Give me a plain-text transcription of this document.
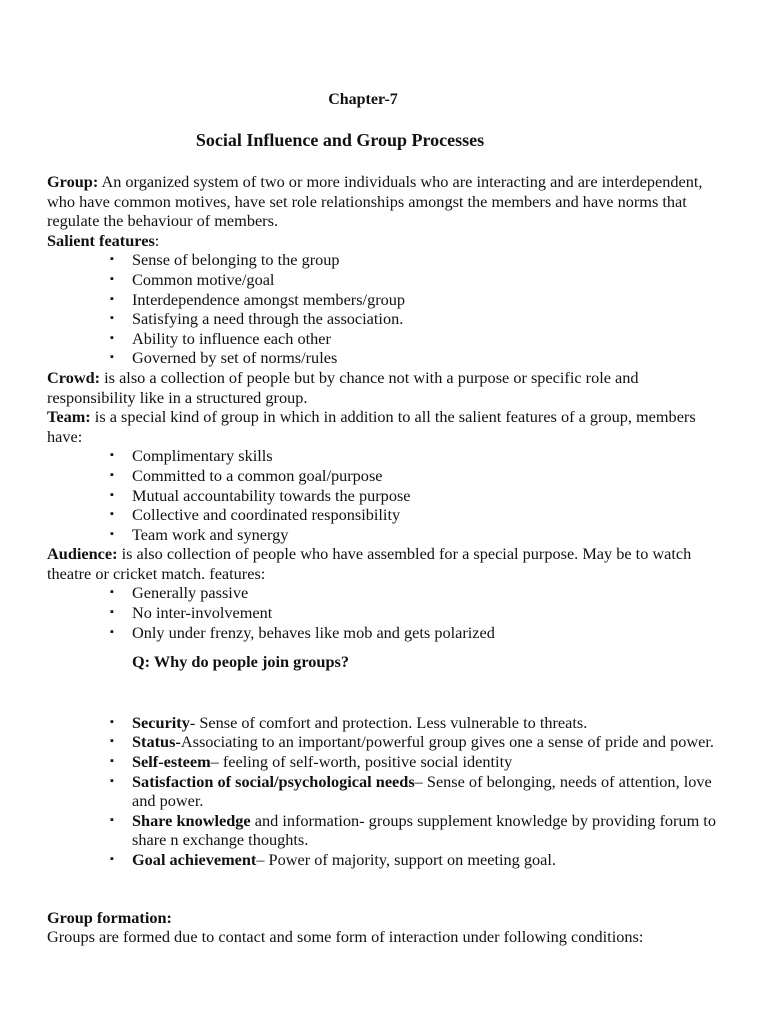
Chapter-7
Social Influence and Group Processes

Group: An organized system of two or more individuals who are interacting and are interdependent, who have common motives, have set role relationships amongst the members and have norms that regulate the behaviour of members.

Salient features:

▪ Sense of belonging to the group
▪ Common motive/goal
▪ Interdependence amongst members/group
▪ Satisfying a need through the association.
▪ Ability to influence each other
▪ Governed by set of norms/rules

Crowd: is also a collection of people but by chance not with a purpose or specific role and responsibility like in a structured group.

Team: is a special kind of group in which in addition to all the salient features of a group, members have:

▪ Complimentary skills
▪ Committed to a common goal/purpose
▪ Mutual accountability towards the purpose
▪ Collective and coordinated responsibility
▪ Team work and synergy

Audience: is also collection of people who have assembled for a special purpose. May be to watch theatre or cricket match. features:

▪ Generally passive
▪ No inter-involvement
▪ Only under frenzy, behaves like mob and gets polarized
Q: Why do people join groups?
▪ Security- Sense of comfort and protection. Less vulnerable to threats.
▪ Status-Associating to an important/powerful group gives one a sense of pride and power.
▪ Self-esteem– feeling of self-worth, positive social identity
▪ Satisfaction of social/psychological needs– Sense of belonging, needs of attention, love and power.
▪ Share knowledge and information- groups supplement knowledge by providing forum to share n exchange thoughts.
▪ Goal achievement– Power of majority, support on meeting goal.

Group formation:

Groups are formed due to contact and some form of interaction under following conditions:
